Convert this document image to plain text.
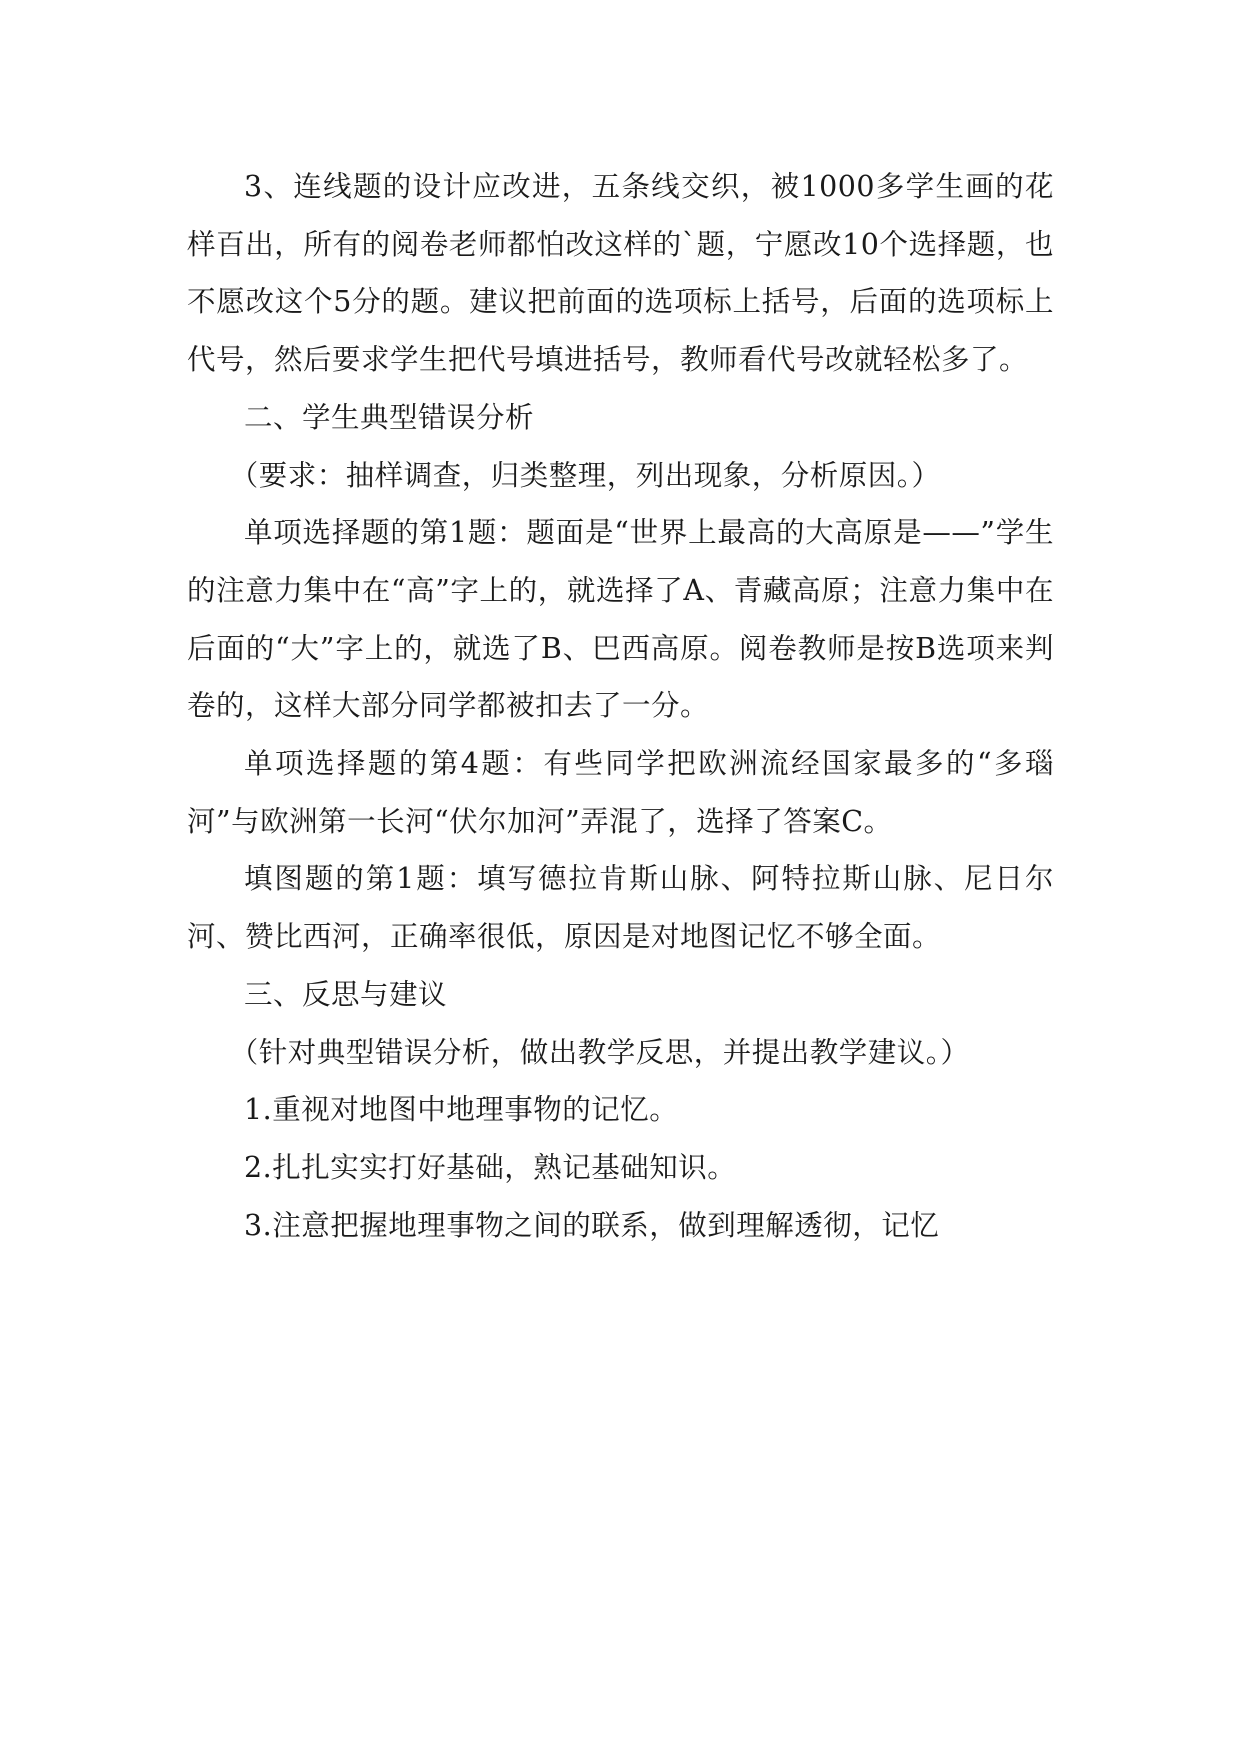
3、连线题的设计应改进，五条线交织，被1000多学生画的花样百出，所有的阅卷老师都怕改这样的`题，宁愿改10个选择题，也不愿改这个5分的题。建议把前面的选项标上括号，后面的选项标上代号，然后要求学生把代号填进括号，教师看代号改就轻松多了。

二、学生典型错误分析

（要求：抽样调查，归类整理，列出现象，分析原因。）

单项选择题的第1题：题面是“世界上最高的大高原是——”学生的注意力集中在“高”字上的，就选择了A、青藏高原；注意力集中在后面的“大”字上的，就选了B、巴西高原。阅卷教师是按B选项来判卷的，这样大部分同学都被扣去了一分。

单项选择题的第4题：有些同学把欧洲流经国家最多的“多瑙河”与欧洲第一长河“伏尔加河”弄混了，选择了答案C。

填图题的第1题：填写德拉肯斯山脉、阿特拉斯山脉、尼日尔河、赞比西河，正确率很低，原因是对地图记忆不够全面。

三、反思与建议

（针对典型错误分析，做出教学反思，并提出教学建议。）

1.重视对地图中地理事物的记忆。

2.扎扎实实打好基础，熟记基础知识。

3.注意把握地理事物之间的联系，做到理解透彻，记忆
